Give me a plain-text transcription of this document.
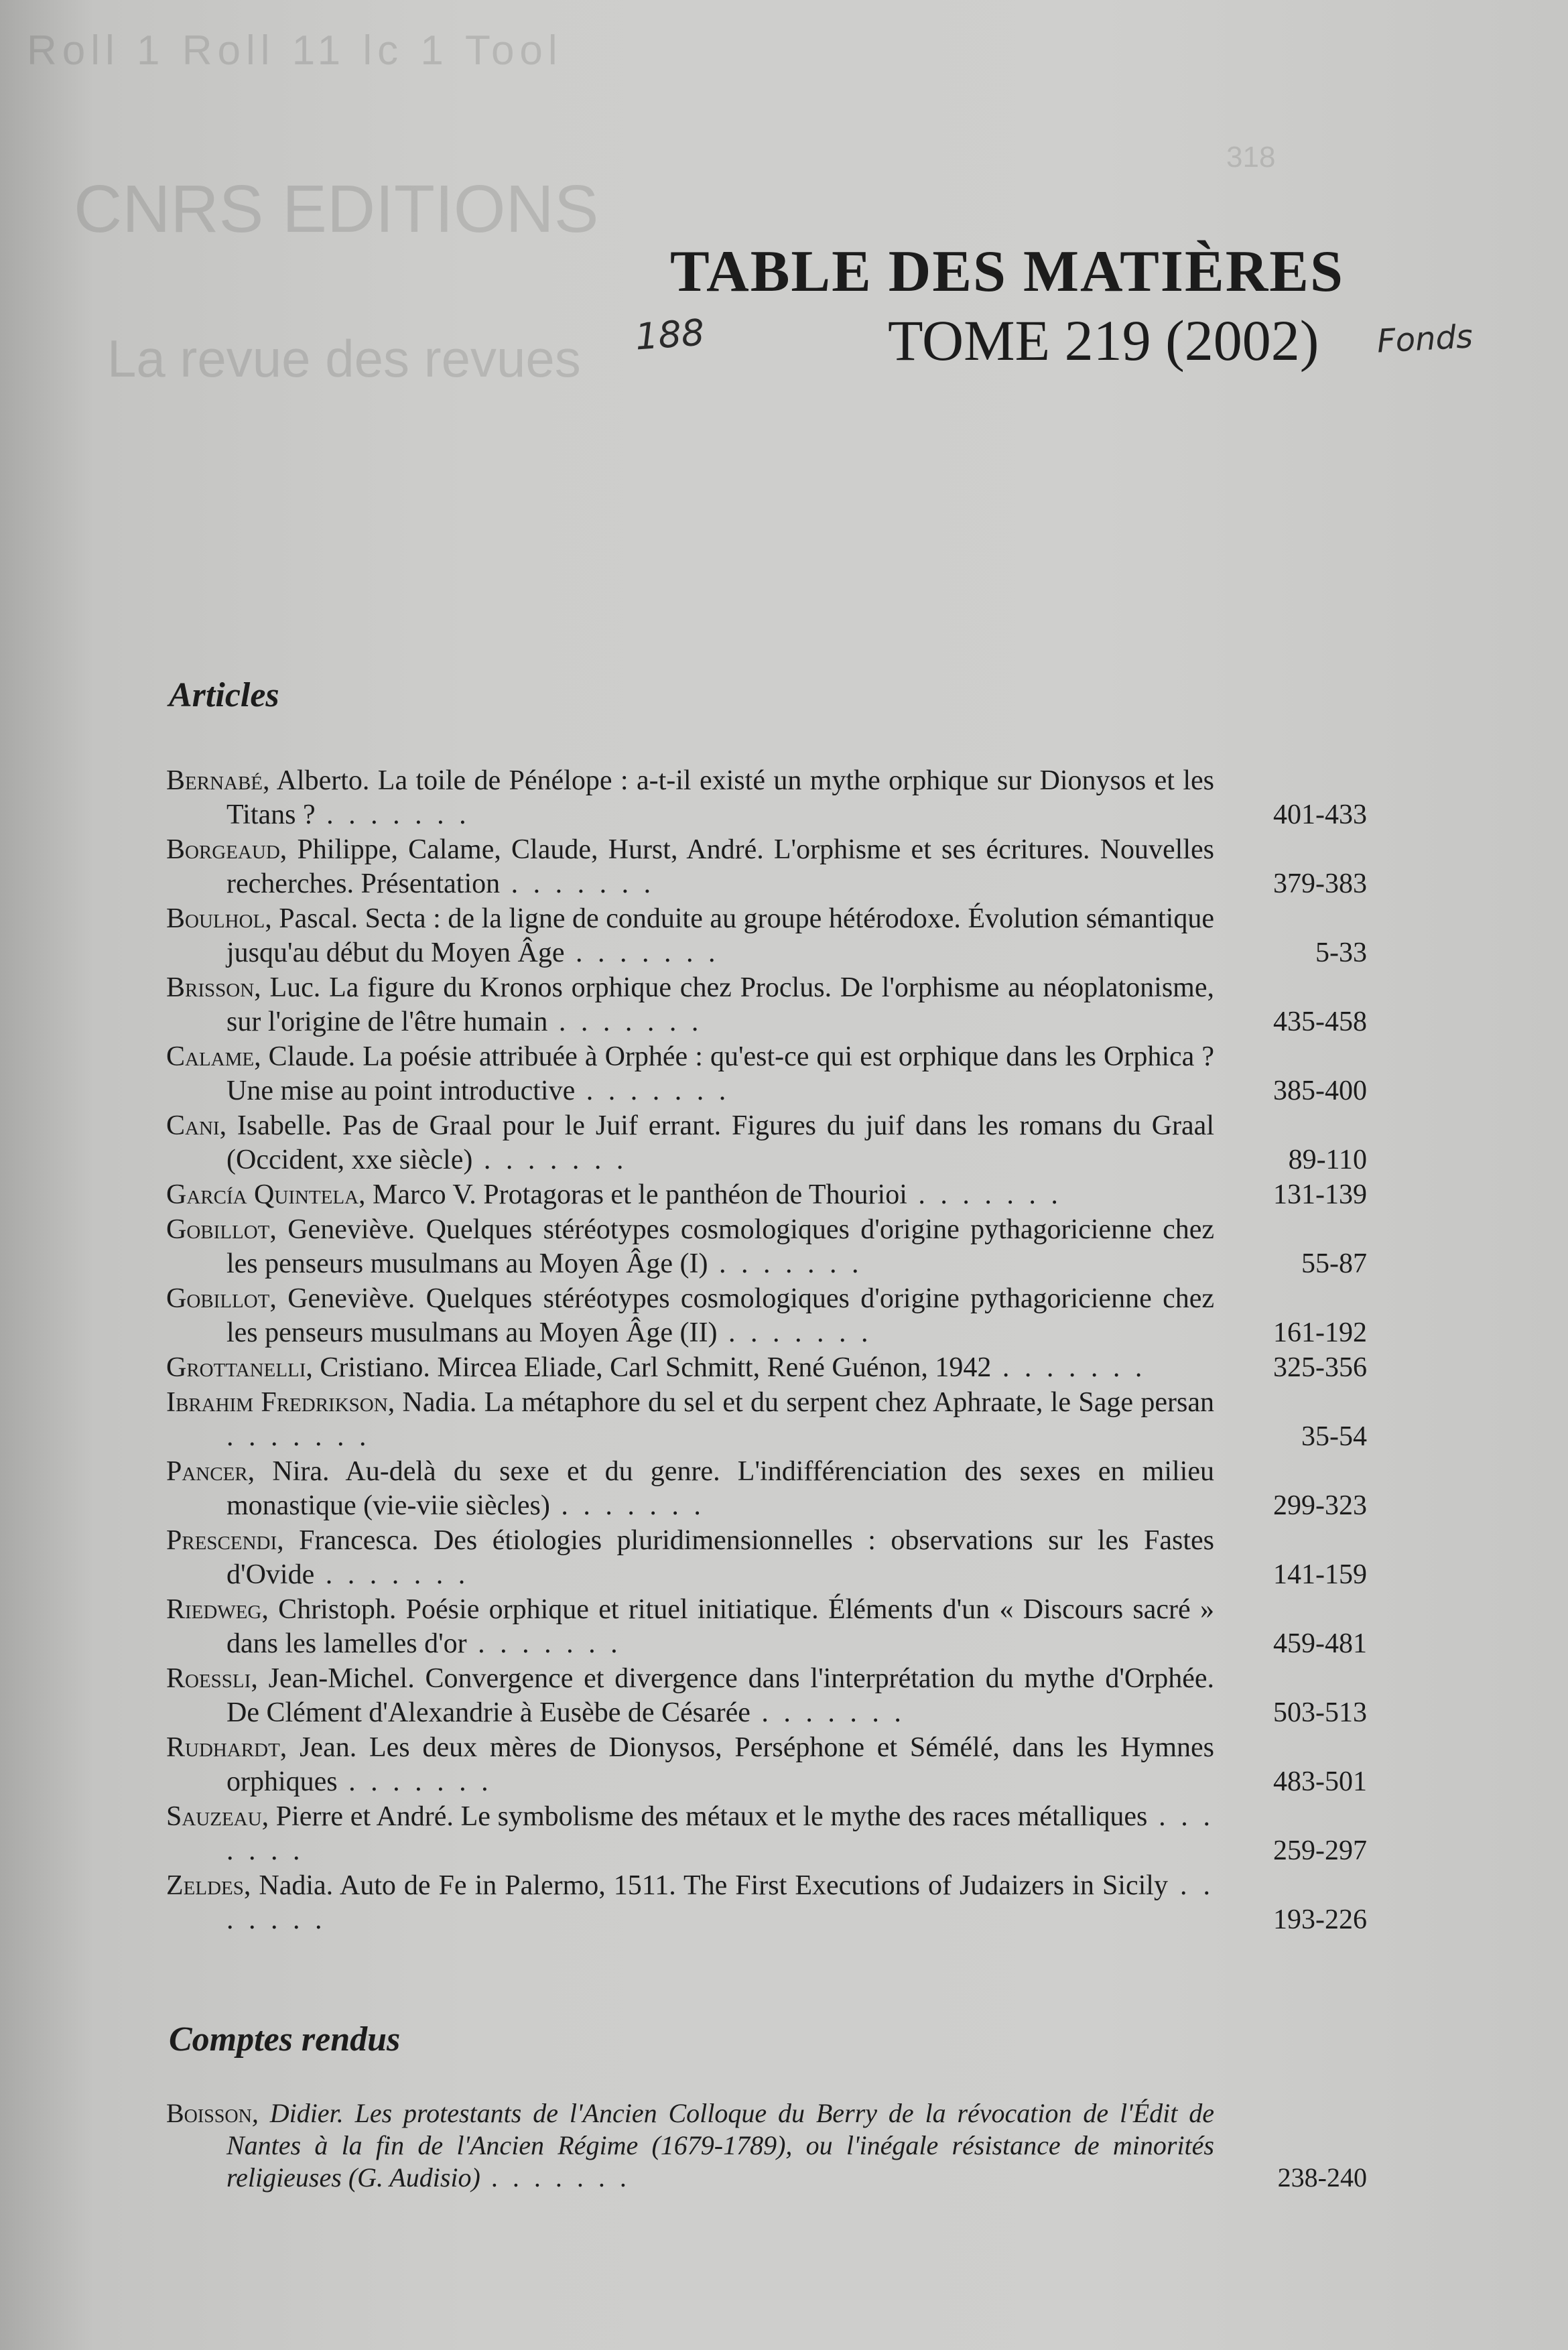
Roll 1 Roll 11 lc 1 Tool
CNRS EDITIONS
La revue des revues
318
TABLE DES MATIÈRES
188	TOME 219 (2002) Fonds
Articles
Bernabé, Alberto. La toile de Pénélope : a-t-il existé un mythe orphique sur Dionysos et les Titans ? . . . . . . .	401-433
Borgeaud, Philippe, Calame, Claude, Hurst, André. L'orphisme et ses écritures. Nouvelles recherches. Présentation . . . . . . .	379-383
Boulhol, Pascal. Secta : de la ligne de conduite au groupe hétérodoxe. Évolution sémantique jusqu'au début du Moyen Âge . . . . . . .	5-33
Brisson, Luc. La figure du Kronos orphique chez Proclus. De l'orphisme au néoplatonisme, sur l'origine de l'être humain . . . . . . .	435-458
Calame, Claude. La poésie attribuée à Orphée : qu'est-ce qui est orphique dans les Orphica ? Une mise au point introductive . . . . . . .	385-400
Cani, Isabelle. Pas de Graal pour le Juif errant. Figures du juif dans les romans du Graal (Occident, xxe siècle) . . . . . . .	89-110
García Quintela, Marco V. Protagoras et le panthéon de Thourioi . . . . . . .	131-139
Gobillot, Geneviève. Quelques stéréotypes cosmologiques d'origine pythagoricienne chez les penseurs musulmans au Moyen Âge (I) . . . . . . .	55-87
Gobillot, Geneviève. Quelques stéréotypes cosmologiques d'origine pythagoricienne chez les penseurs musulmans au Moyen Âge (II) . . . . . . .	161-192
Grottanelli, Cristiano. Mircea Eliade, Carl Schmitt, René Guénon, 1942 . . . . . . .	325-356
Ibrahim Fredrikson, Nadia. La métaphore du sel et du serpent chez Aphraate, le Sage persan . . . . . . .	35-54
Pancer, Nira. Au-delà du sexe et du genre. L'indifférenciation des sexes en milieu monastique (vie-viie siècles) . . . . . . .	299-323
Prescendi, Francesca. Des étiologies pluridimensionnelles : observations sur les Fastes d'Ovide . . . . . . .	141-159
Riedweg, Christoph. Poésie orphique et rituel initiatique. Éléments d'un « Discours sacré » dans les lamelles d'or . . . . . . .	459-481
Roessli, Jean-Michel. Convergence et divergence dans l'interprétation du mythe d'Orphée. De Clément d'Alexandrie à Eusèbe de Césarée . . . . . . .	503-513
Rudhardt, Jean. Les deux mères de Dionysos, Perséphone et Sémélé, dans les Hymnes orphiques . . . . . . .	483-501
Sauzeau, Pierre et André. Le symbolisme des métaux et le mythe des races métalliques . . . . . . .	259-297
Zeldes, Nadia. Auto de Fe in Palermo, 1511. The First Executions of Judaizers in Sicily . . . . . . .	193-226
Comptes rendus
Boisson, Didier. Les protestants de l'Ancien Colloque du Berry de la révocation de l'Édit de Nantes à la fin de l'Ancien Régime (1679-1789), ou l'inégale résistance de minorités religieuses (G. Audisio) . . . . . . .	238-240
